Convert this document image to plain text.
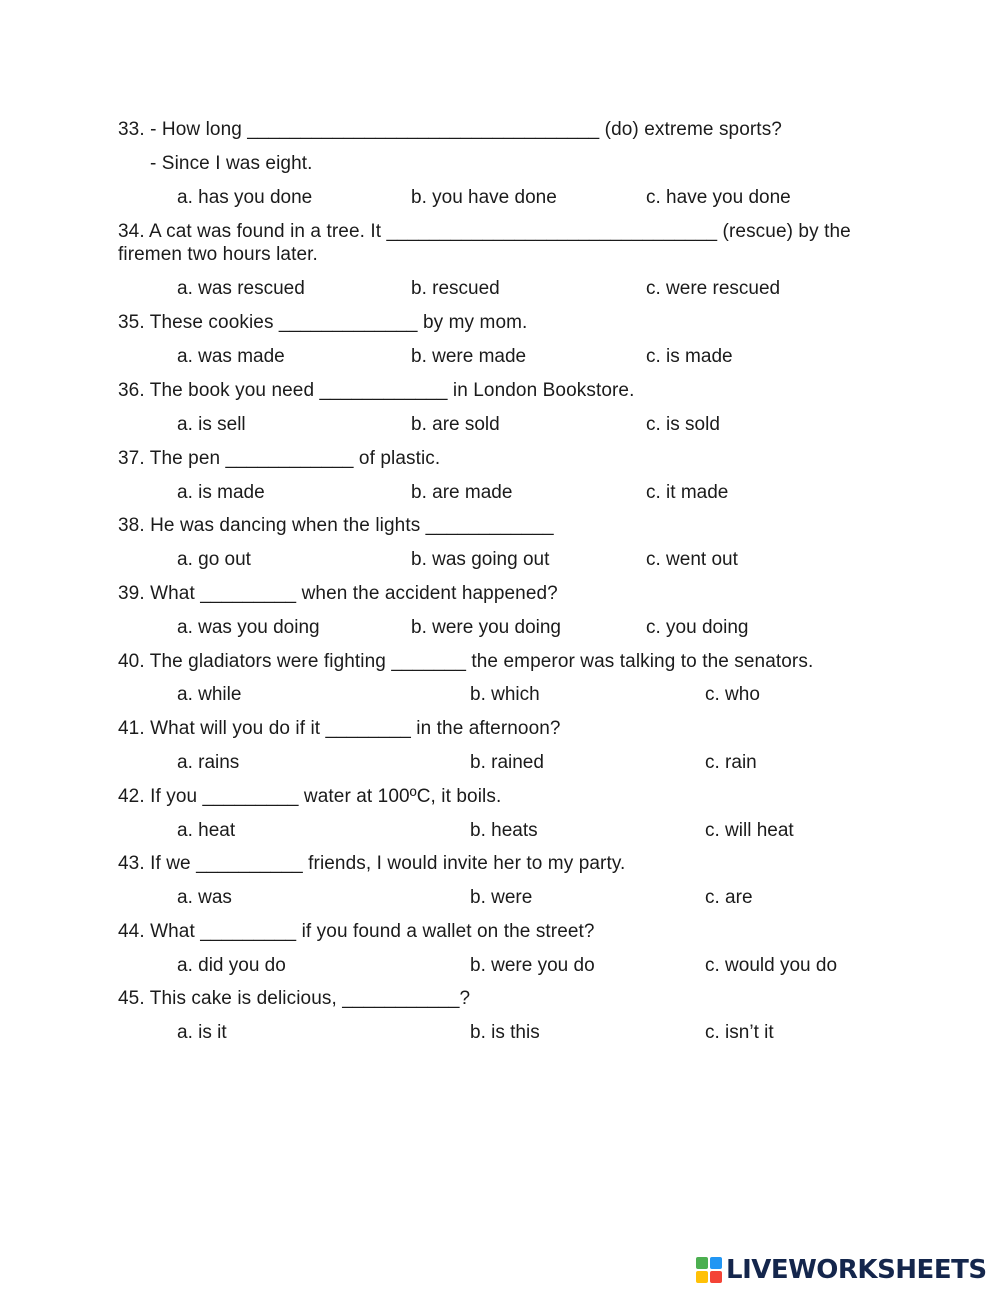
33. - How long _________________________________ (do) extreme sports?
- Since I was eight.
a. has you done	b. you have done	c. have you done
34. A cat was found in a tree. It _______________________________ (rescue) by the
firemen two hours later.
a. was rescued	b. rescued	c. were rescued
35. These cookies _____________ by my mom.
a. was made	b. were made	c. is made
36. The book you need ____________ in London Bookstore.
a. is sell	b. are sold	c. is sold
37. The pen ____________ of plastic.
a. is made	b. are made	c. it made
38. He was dancing when the lights ____________
a. go out	b. was going out	c. went out
39. What _________ when the accident happened?
a. was you doing	b. were you doing	c. you doing
40. The gladiators were fighting _______ the emperor was talking to the senators.
a. while	b. which	c. who
41. What will you do if it ________ in the afternoon?
a. rains	b. rained	c. rain
42. If you _________ water at 100ºC, it boils.
a. heat	b. heats	c. will heat
43. If we __________ friends, I would invite her to my party.
a. was	b. were	c. are
44. What _________ if you found a wallet on the street?
a. did you do	b. were you do	c. would you do
45. This cake is delicious, ___________?
a. is it	b. is this	c. isn’t it
LIVEWORKSHEETS
